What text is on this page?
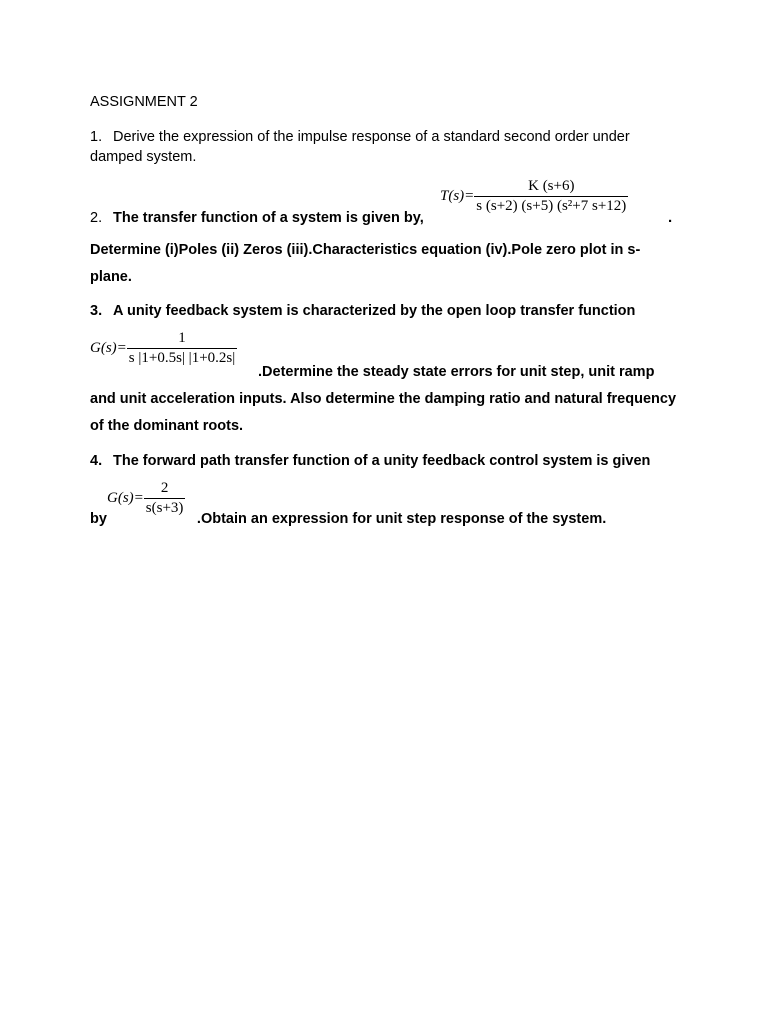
ASSIGNMENT 2
1. Derive the expression of the impulse response of a standard second order under damped system.
$T(s)= \frac{K (s+6)}{\text{s (s+2) (s+5) (s²+7 s+12)}}$
.
2. The transfer function of a system is given by,
Determine (i)Poles (ii) Zeros (iii).Characteristics equation (iv).Pole zero plot in s-plane.
3. A unity feedback system is characterized by the open loop transfer function
$G(s)= \frac{1}{s |1+0.5s| |1+0.2s|}$
.Determine the steady state errors for unit step, unit ramp and unit acceleration inputs. Also determine the damping ratio and natural frequency of the dominant roots.
4. The forward path transfer function of a unity feedback control system is given
$G(s)= \frac{2}{s(s+3)}$
by	.Obtain an expression for unit step response of the system.
